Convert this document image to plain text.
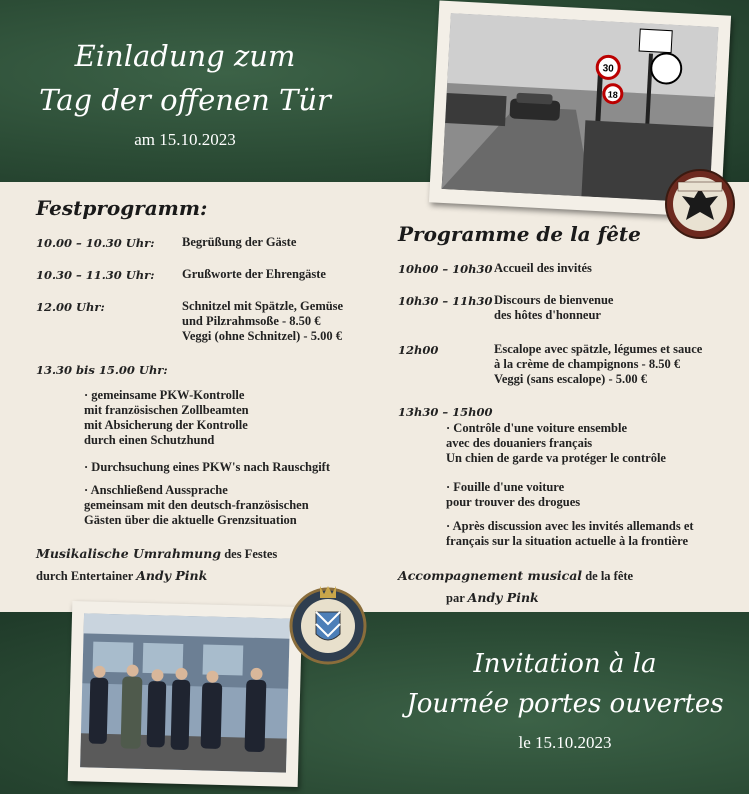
Einladung zum
Tag der offenen Tür
am 15.10.2023
30
18
Festprogramm:
10.00 – 10.30 Uhr: Begrüßung der Gäste
10.30 – 11.30 Uhr: Grußworte der Ehrengäste
12.00 Uhr:	Schnitzel mit Spätzle, Gemüse
und Pilzrahmsoße - 8.50 €
Veggi (ohne Schnitzel) - 5.00 €
13.30 bis 15.00 Uhr:
· gemeinsame PKW-Kontrolle
mit französischen Zollbeamten
mit Absicherung der Kontrolle
durch einen Schutzhund
· Durchsuchung eines PKW's nach Rauschgift
· Anschließend Aussprache
gemeinsam mit den deutsch-französischen
Gästen über die aktuelle Grenzsituation
Musikalische Umrahmung des Festes
durch Entertainer Andy Pink
Programme de la fête
10h00 – 10h30 Accueil des invités
10h30 – 11h30 Discours de bienvenue
des hôtes d'honneur
12h00	Escalope avec spätzle, légumes et sauce
à la crème de champignons - 8.50 €
Veggi (sans escalope) - 5.00 €
13h30 – 15h00
· Contrôle d'une voiture ensemble
avec des douaniers français
Un chien de garde va protéger le contrôle
· Fouille d'une voiture
pour trouver des drogues
· Après discussion avec les invités allemands et
français sur la situation actuelle à la frontière
Accompagnement musical de la fête
par Andy Pink
Invitation à la
Journée portes ouvertes
le 15.10.2023
